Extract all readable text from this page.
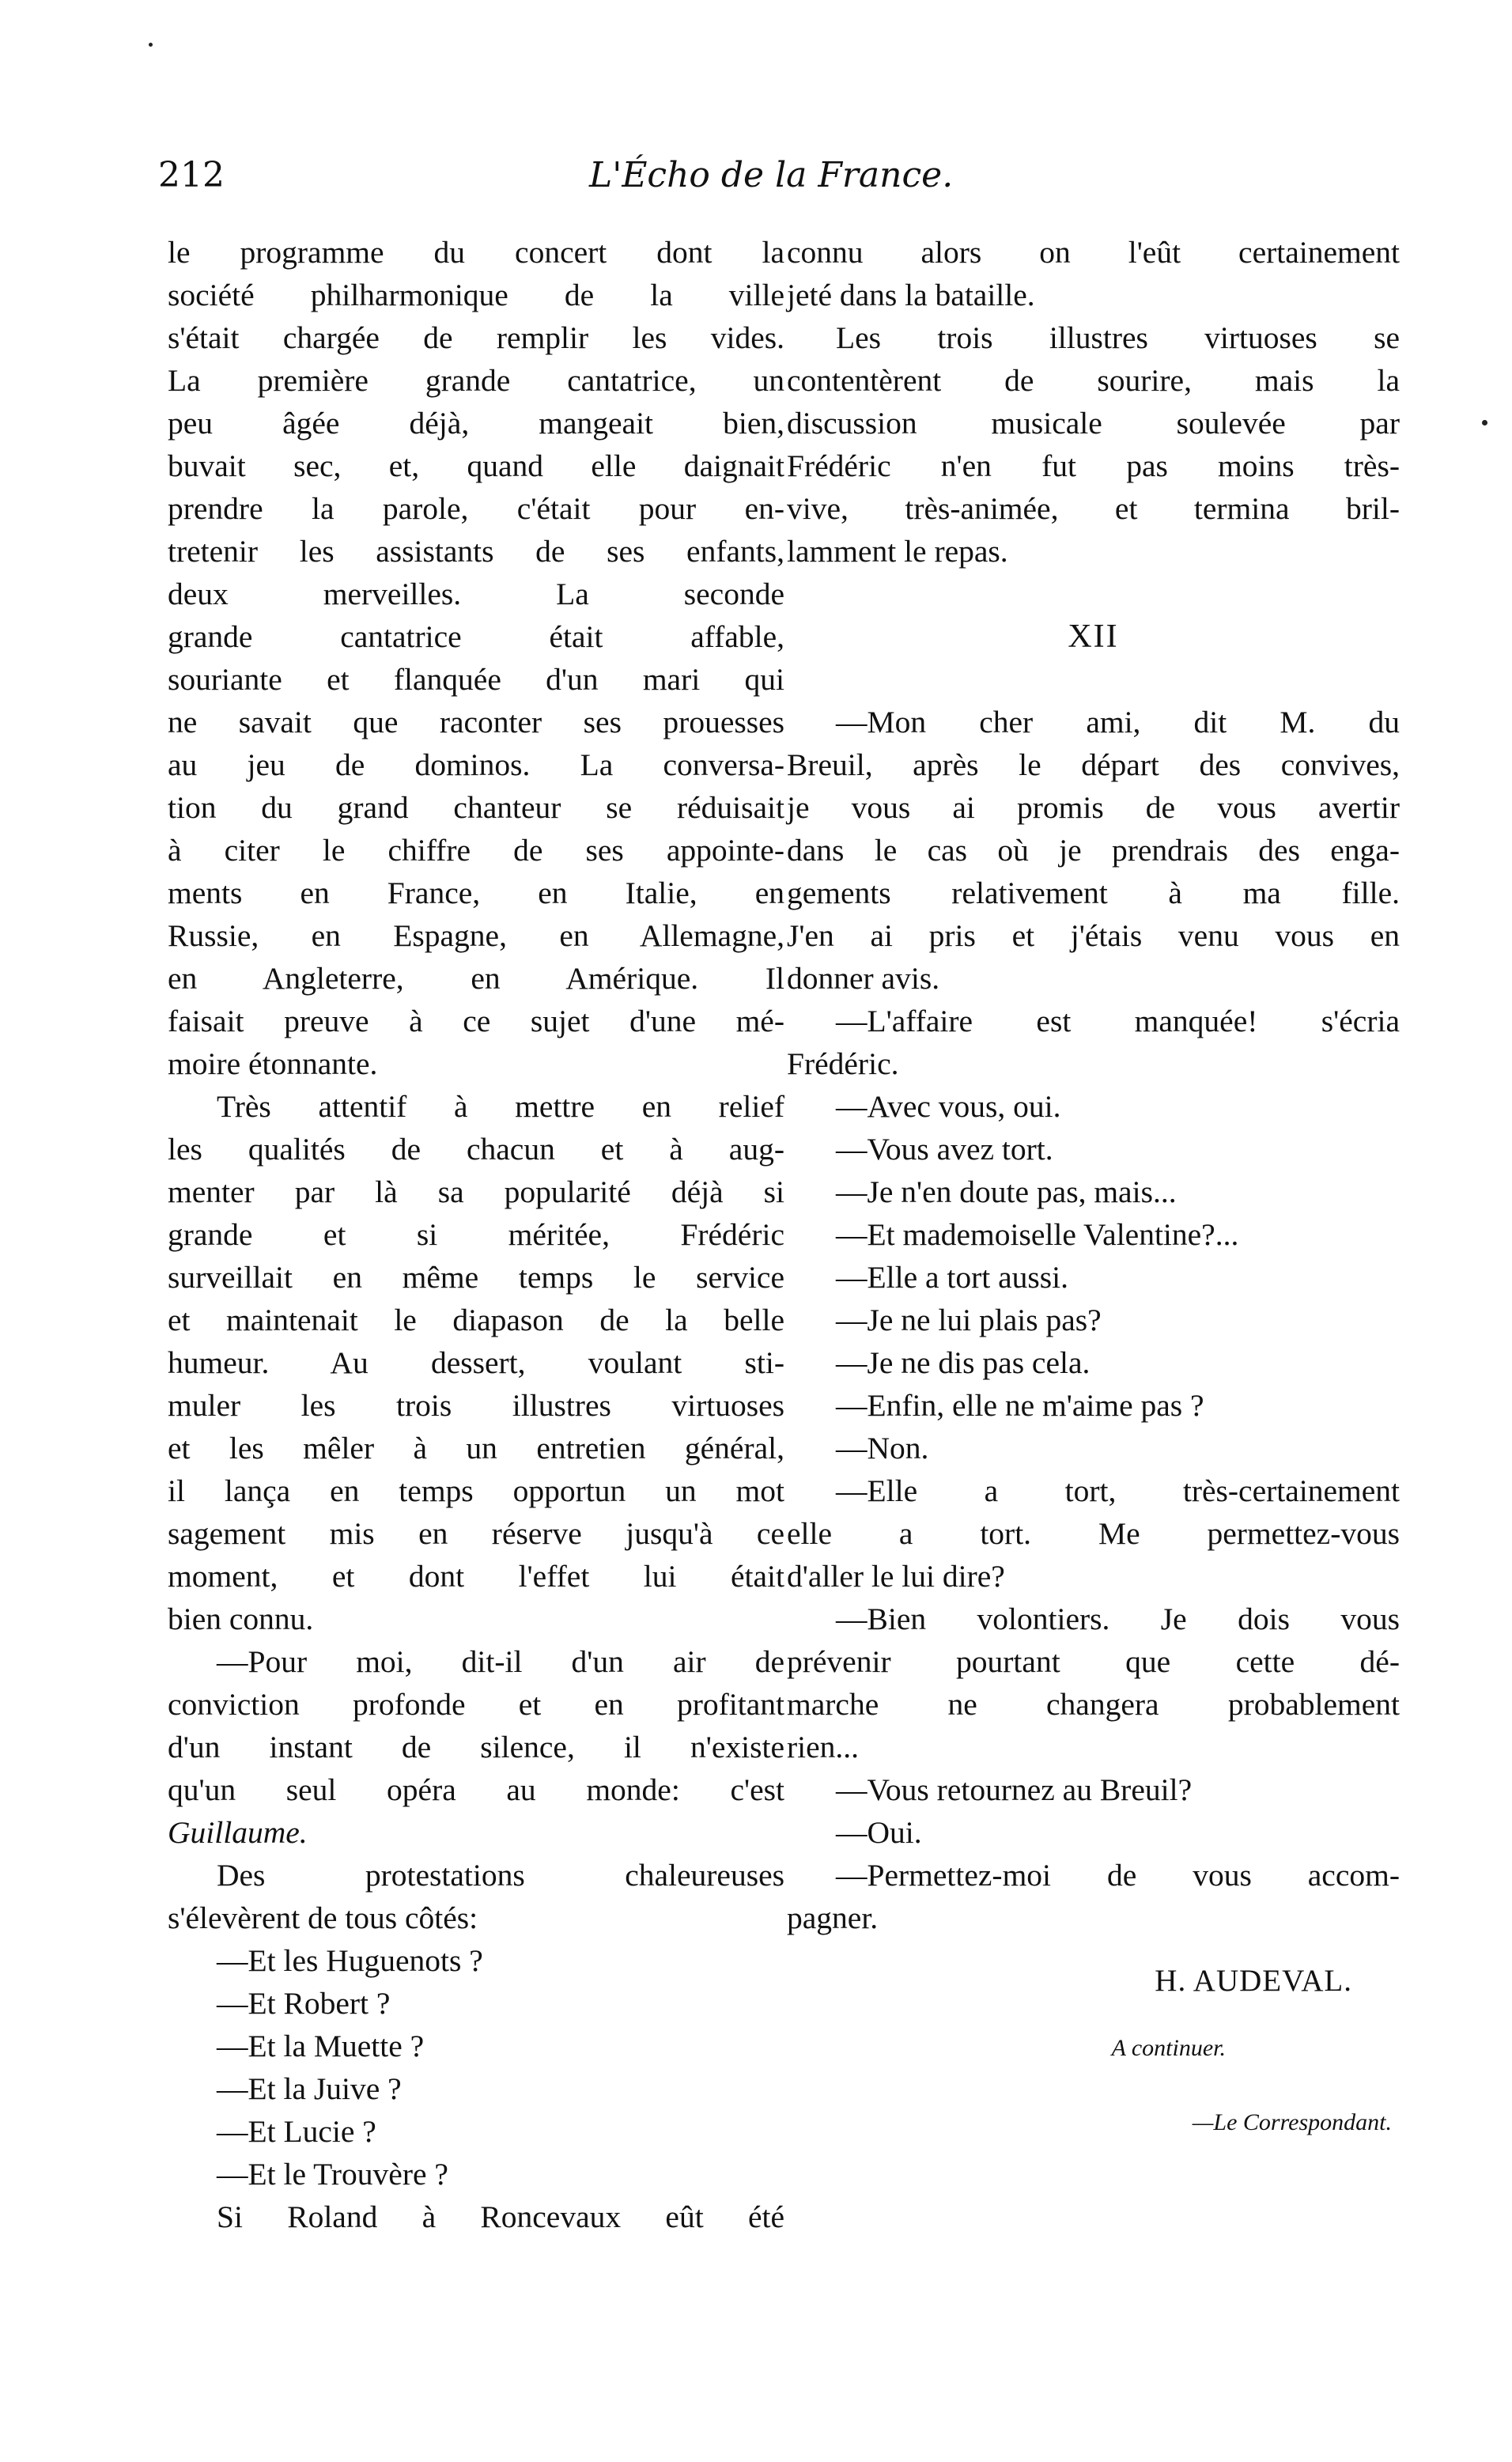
212	L'Écho de la France.
le programme du concert dont la
société philharmonique de la ville
s'était chargée de remplir les vides.
La première grande cantatrice, un
peu âgée déjà, mangeait bien,
buvait sec, et, quand elle daignait
prendre la parole, c'était pour en-
tretenir les assistants de ses enfants,
deux merveilles. La seconde
grande cantatrice était affable,
souriante et flanquée d'un mari qui
ne savait que raconter ses prouesses
au jeu de dominos. La conversa-
tion du grand chanteur se réduisait
à citer le chiffre de ses appointe-
ments en France, en Italie, en
Russie, en Espagne, en Allemagne,
en Angleterre, en Amérique. Il
faisait preuve à ce sujet d'une mé-
moire étonnante.
Très attentif à mettre en relief
les qualités de chacun et à aug-
menter par là sa popularité déjà si
grande et si méritée, Frédéric
surveillait en même temps le service
et maintenait le diapason de la belle
humeur. Au dessert, voulant sti-
muler les trois illustres virtuoses
et les mêler à un entretien général,
il lança en temps opportun un mot
sagement mis en réserve jusqu'à ce
moment, et dont l'effet lui était
bien connu.
—Pour moi, dit-il d'un air de
conviction profonde et en profitant
d'un instant de silence, il n'existe
qu'un seul opéra au monde: c'est
Guillaume.
Des protestations chaleureuses
s'élevèrent de tous côtés:
—Et les Huguenots ?
—Et Robert ?
—Et la Muette ?
—Et la Juive ?
—Et Lucie ?
—Et le Trouvère ?
Si Roland à Roncevaux eût été
connu alors on l'eût certainement
jeté dans la bataille.
Les trois illustres virtuoses se
contentèrent de sourire, mais la
discussion musicale soulevée par
Frédéric n'en fut pas moins très-
vive, très-animée, et termina bril-
lamment le repas.
XII
—Mon cher ami, dit M. du
Breuil, après le départ des convives,
je vous ai promis de vous avertir
dans le cas où je prendrais des enga-
gements relativement à ma fille.
J'en ai pris et j'étais venu vous en
donner avis.
—L'affaire est manquée! s'écria
Frédéric.
—Avec vous, oui.
—Vous avez tort.
—Je n'en doute pas, mais...
—Et mademoiselle Valentine?...
—Elle a tort aussi.
—Je ne lui plais pas?
—Je ne dis pas cela.
—Enfin, elle ne m'aime pas ?
—Non.
—Elle a tort, très-certainement
elle a tort. Me permettez-vous
d'aller le lui dire?
—Bien volontiers. Je dois vous
prévenir pourtant que cette dé-
marche ne changera probablement
rien...
—Vous retournez au Breuil?
—Oui.
—Permettez-moi de vous accom-
pagner.
H. AUDEVAL.
A continuer.
—Le Correspondant.
